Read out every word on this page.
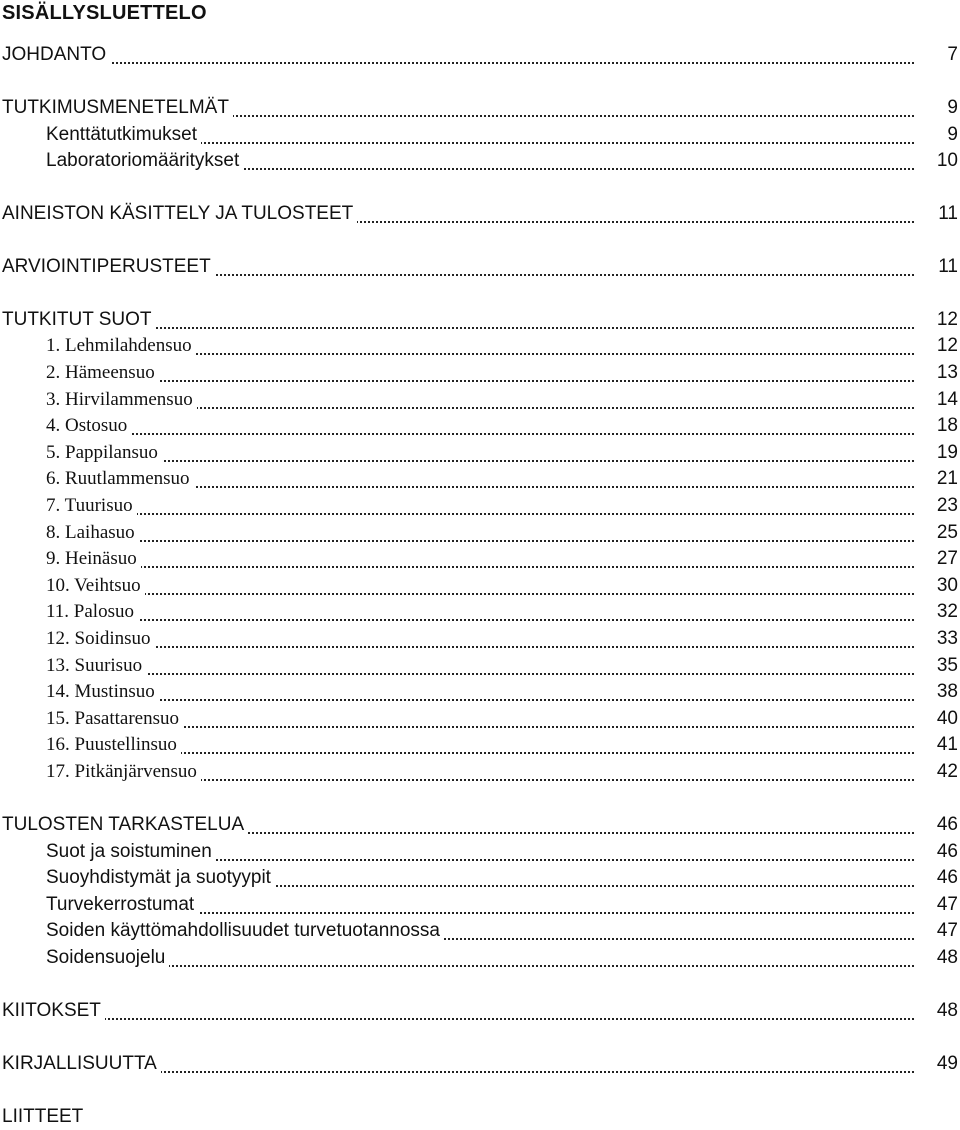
SISÄLLYSLUETTELO
JOHDANTO	7
TUTKIMUSMENETELMÄT	9
Kenttätutkimukset	9
Laboratoriomääritykset	10
AINEISTON KÄSITTELY JA TULOSTEET	11
ARVIOINTIPERUSTEET	11
TUTKITUT SUOT	12
1. Lehmilahdensuo	12
2. Hämeensuo	13
3. Hirvilammensuo	14
4. Ostosuo	18
5. Pappilansuo	19
6. Ruutlammensuo	21
7. Tuurisuo	23
8. Laihasuo	25
9. Heinäsuo	27
10. Veihtsuo	30
11. Palosuo	32
12. Soidinsuo	33
13. Suurisuo	35
14. Mustinsuo	38
15. Pasattarensuo	40
16. Puustellinsuo	41
17. Pitkänjärvensuo	42
TULOSTEN TARKASTELUA	46
Suot ja soistuminen	46
Suoyhdistymät ja suotyypit	46
Turvekerrostumat	47
Soiden käyttömahdollisuudet turvetuotannossa	47
Soidensuojelu	48
KIITOKSET	48
KIRJALLISUUTTA	49
LIITTEET
